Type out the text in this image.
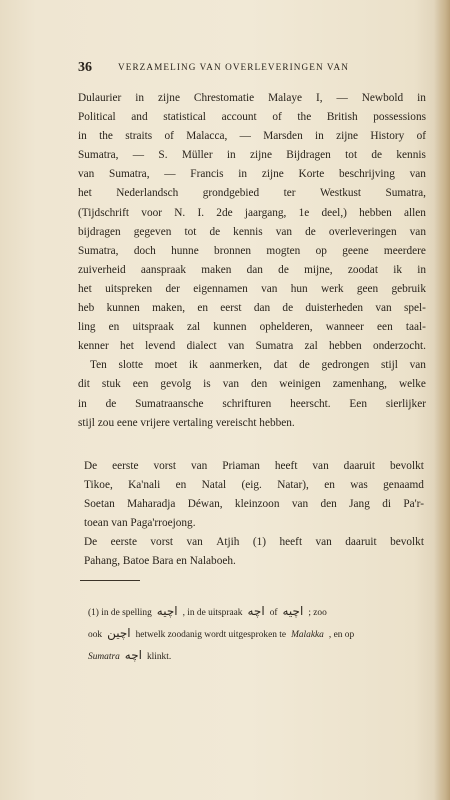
36	VERZAMELING VAN OVERLEVERINGEN VAN
Dulaurier in zijne Chrestomatie Malaye I, — Newbold in
Political and statistical account of the British possessions
in the straits of Malacca, — Marsden in zijne History of
Sumatra, — S. Müller in zijne Bijdragen tot de kennis
van Sumatra, — Francis in zijne Korte beschrijving van
het Nederlandsch grondgebied ter Westkust Sumatra,
(Tijdschrift voor N. I. 2de jaargang, 1e deel,) hebben allen
bijdragen gegeven tot de kennis van de overleveringen van
Sumatra, doch hunne bronnen mogten op geene meerdere
zuiverheid aanspraak maken dan de mijne, zoodat ik in
het uitspreken der eigennamen van hun werk geen gebruik
heb kunnen maken, en eerst dan de duisterheden van spel-
ling en uitspraak zal kunnen ophelderen, wanneer een taal-
kenner het levend dialect van Sumatra zal hebben onderzocht.
Ten slotte moet ik aanmerken, dat de gedrongen stijl van
dit stuk een gevolg is van den weinigen zamenhang, welke
in de Sumatraansche schrifturen heerscht. Een sierlijker
stijl zou eene vrijere vertaling vereischt hebben.
De eerste vorst van Priaman heeft van daaruit bevolkt
Tikoe, Ka'nali en Natal (eig. Natar), en was genaamd
Soetan Maharadja Déwan, kleinzoon van den Jang di Pa'r-
toean van Paga'rroejong.
De eerste vorst van Atjih (1) heeft van daaruit bevolkt
Pahang, Batoe Bara en Nalaboeh.
(1) in de spelling اچيه , in de uitspraak اچه of اچيه ; zoo
ook اچين hetwelk zoodanig wordt uitgesproken te Malakka , en op
Sumatra اچه klinkt.
